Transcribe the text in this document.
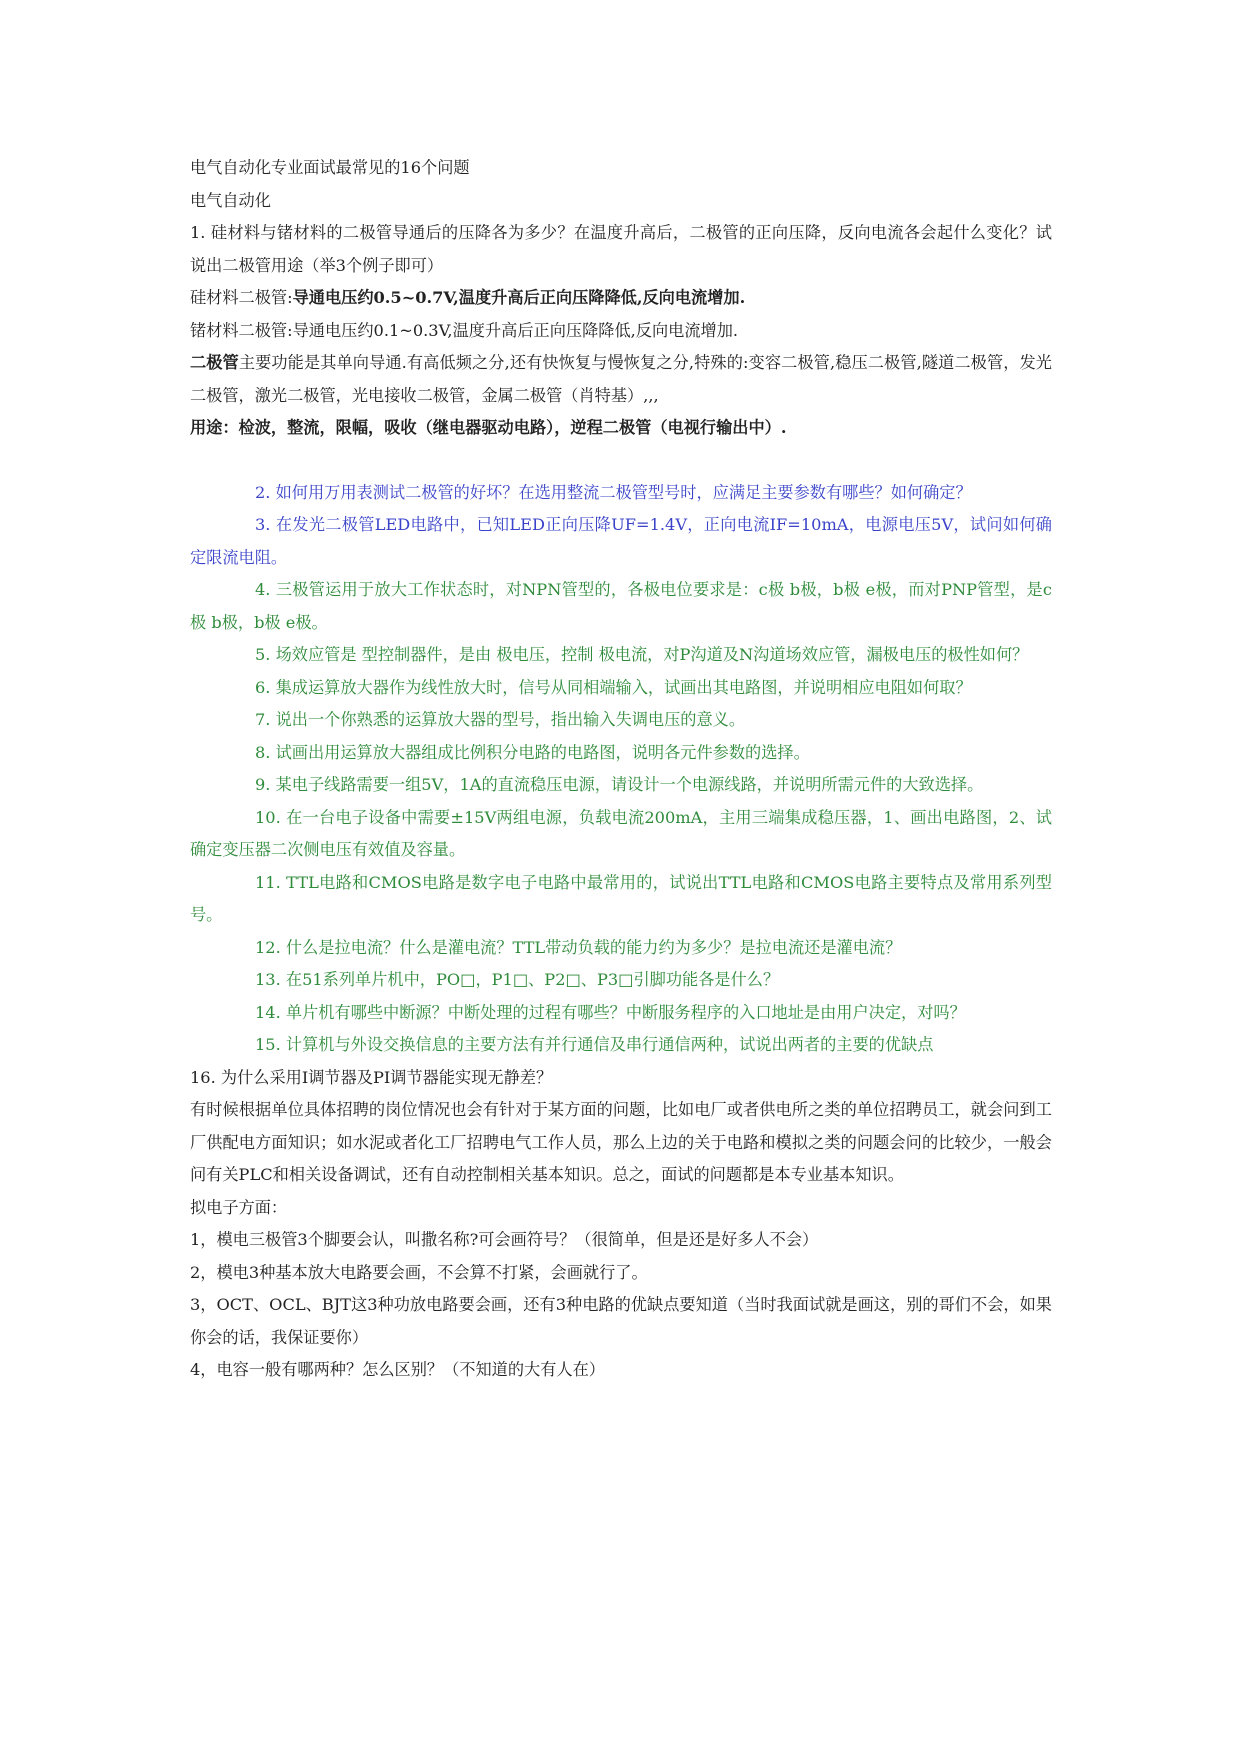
电气自动化专业面试最常见的16个问题

电气自动化

1. 硅材料与锗材料的二极管导通后的压降各为多少？在温度升高后，二极管的正向压降，反向电流各会起什么变化？试说出二极管用途（举3个例子即可）

硅材料二极管:导通电压约0.5~0.7V,温度升高后正向压降降低,反向电流增加.

锗材料二极管:导通电压约0.1~0.3V,温度升高后正向压降降低,反向电流增加.

二极管主要功能是其单向导通.有高低频之分,还有快恢复与慢恢复之分,特殊的:变容二极管,稳压二极管,隧道二极管，发光二极管，激光二极管，光电接收二极管，金属二极管（肖特基）,,,

用途：检波，整流，限幅，吸收（继电器驱动电路），逆程二极管（电视行输出中）.

2. 如何用万用表测试二极管的好坏？在选用整流二极管型号时，应满足主要参数有哪些？如何确定？

3. 在发光二极管LED电路中，已知LED正向压降UF=1.4V，正向电流IF=10mA，电源电压5V，试问如何确定限流电阻。

4. 三极管运用于放大工作状态时，对NPN管型的，各极电位要求是：c极 b极，b极 e极，而对PNP管型，是c极 b极，b极 e极。

5. 场效应管是 型控制器件，是由 极电压，控制 极电流，对P沟道及N沟道场效应管，漏极电压的极性如何？

6. 集成运算放大器作为线性放大时，信号从同相端输入，试画出其电路图，并说明相应电阻如何取？

7. 说出一个你熟悉的运算放大器的型号，指出输入失调电压的意义。

8. 试画出用运算放大器组成比例积分电路的电路图，说明各元件参数的选择。

9. 某电子线路需要一组5V，1A的直流稳压电源，请设计一个电源线路，并说明所需元件的大致选择。

10. 在一台电子设备中需要±15V两组电源，负载电流200mA，主用三端集成稳压器，1、画出电路图，2、试确定变压器二次侧电压有效值及容量。

11. TTL电路和CMOS电路是数字电子电路中最常用的，试说出TTL电路和CMOS电路主要特点及常用系列型号。

12. 什么是拉电流？什么是灌电流？TTL带动负载的能力约为多少？是拉电流还是灌电流？

13. 在51系列单片机中，PO□，P1□、P2□、P3□引脚功能各是什么？

14. 单片机有哪些中断源？中断处理的过程有哪些？中断服务程序的入口地址是由用户决定，对吗？

15. 计算机与外设交换信息的主要方法有并行通信及串行通信两种，试说出两者的主要的优缺点

16. 为什么采用I调节器及PI调节器能实现无静差？

有时候根据单位具体招聘的岗位情况也会有针对于某方面的问题，比如电厂或者供电所之类的单位招聘员工，就会问到工厂供配电方面知识；如水泥或者化工厂招聘电气工作人员，那么上边的关于电路和模拟之类的问题会问的比较少，一般会问有关PLC和相关设备调试，还有自动控制相关基本知识。总之，面试的问题都是本专业基本知识。

拟电子方面：

1，模电三极管3个脚要会认，叫撒名称?可会画符号？（很简单，但是还是好多人不会）

2，模电3种基本放大电路要会画，不会算不打紧，会画就行了。

3，OCT、OCL、BJT这3种功放电路要会画，还有3种电路的优缺点要知道（当时我面试就是画这，别的哥们不会，如果你会的话，我保证要你）

4，电容一般有哪两种？怎么区别？（不知道的大有人在）
